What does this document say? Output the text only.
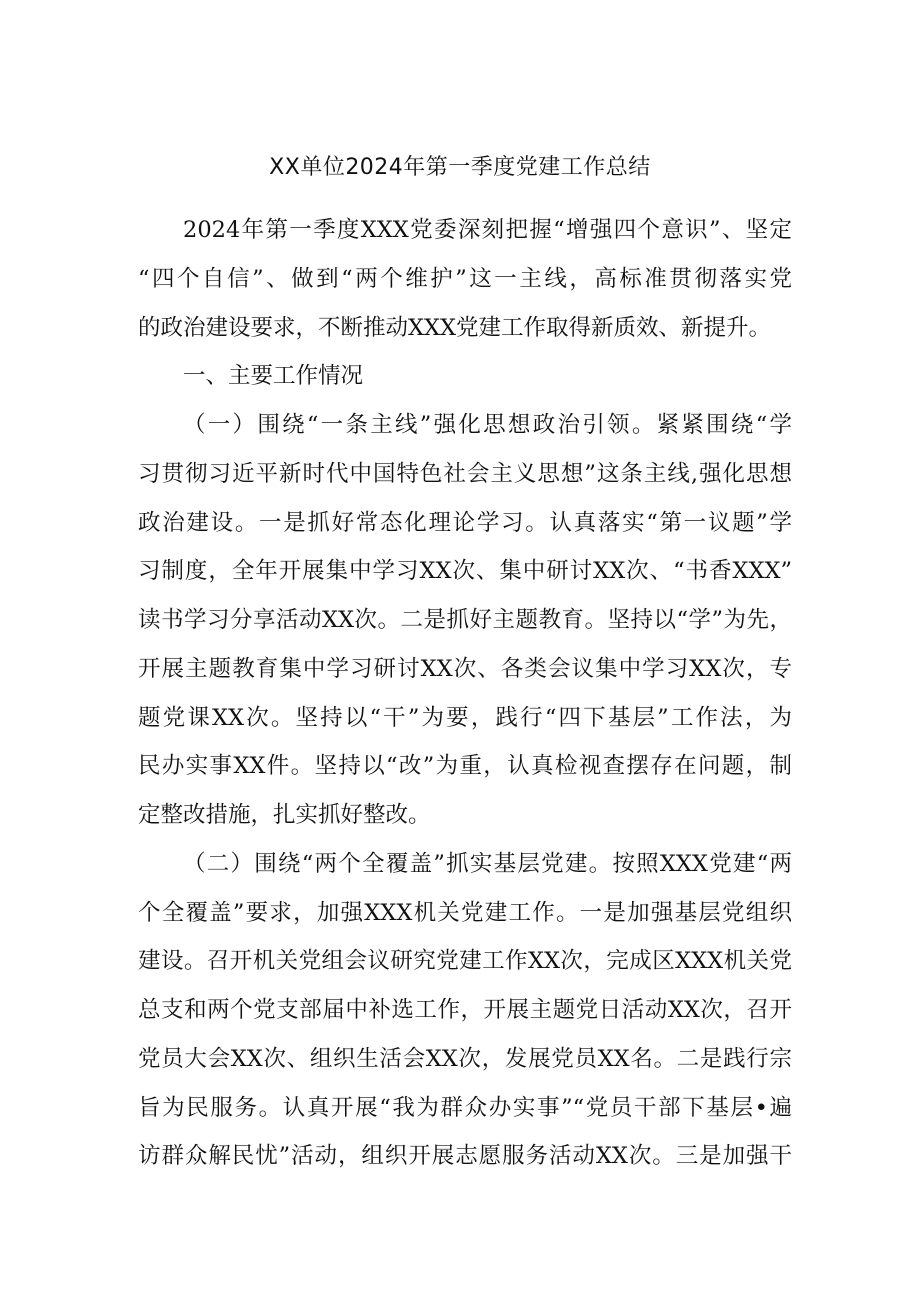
XX单位2024年第一季度党建工作总结
2024年第一季度XXX党委深刻把握“增强四个意识”、坚定
“四个自信”、做到“两个维护”这一主线，高标准贯彻落实党
的政治建设要求，不断推动XXX党建工作取得新质效、新提升。
一、主要工作情况
（一）围绕“一条主线”强化思想政治引领。紧紧围绕“学
习贯彻习近平新时代中国特色社会主义思想”这条主线,强化思想
政治建设。一是抓好常态化理论学习。认真落实“第一议题”学
习制度，全年开展集中学习XX次、集中研讨XX次、“书香XXX”
读书学习分享活动XX次。二是抓好主题教育。坚持以“学”为先，
开展主题教育集中学习研讨XX次、各类会议集中学习XX次，专
题党课XX次。坚持以“干”为要，践行“四下基层”工作法，为
民办实事XX件。坚持以“改”为重，认真检视查摆存在问题，制
定整改措施，扎实抓好整改。
（二）围绕“两个全覆盖”抓实基层党建。按照XXX党建“两
个全覆盖”要求，加强XXX机关党建工作。一是加强基层党组织
建设。召开机关党组会议研究党建工作XX次，完成区XXX机关党
总支和两个党支部届中补选工作，开展主题党日活动XX次，召开
党员大会XX次、组织生活会XX次，发展党员XX名。二是践行宗
旨为民服务。认真开展“我为群众办实事”“党员干部下基层•遍
访群众解民忧”活动，组织开展志愿服务活动XX次。三是加强干
